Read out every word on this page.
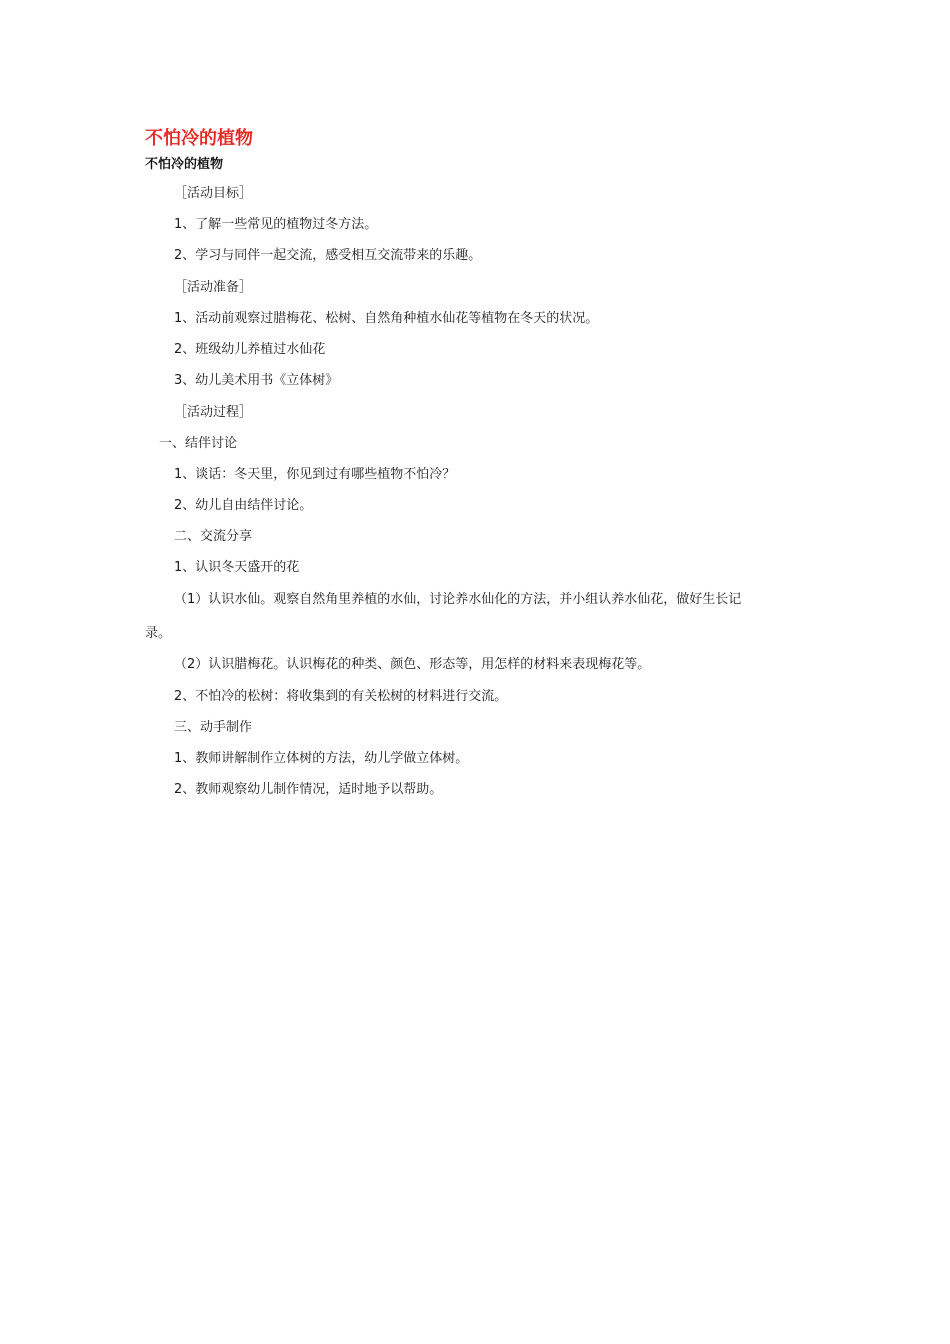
不怕冷的植物
不怕冷的植物
［活动目标］
1、了解一些常见的植物过冬方法。
2、学习与同伴一起交流，感受相互交流带来的乐趣。
［活动准备］
1、活动前观察过腊梅花、松树、自然角种植水仙花等植物在冬天的状况。
2、班级幼儿养植过水仙花
3、幼儿美术用书《立体树》
［活动过程］
一、结伴讨论
1、谈话：冬天里，你见到过有哪些植物不怕冷？
2、幼儿自由结伴讨论。
二、交流分享
1、认识冬天盛开的花
（1）认识水仙。观察自然角里养植的水仙，讨论养水仙化的方法，并小组认养水仙花，做好生长记
录。
（2）认识腊梅花。认识梅花的种类、颜色、形态等，用怎样的材料来表现梅花等。
2、不怕冷的松树：将收集到的有关松树的材料进行交流。
三、动手制作
1、教师讲解制作立体树的方法，幼儿学做立体树。
2、教师观察幼儿制作情况，适时地予以帮助。
